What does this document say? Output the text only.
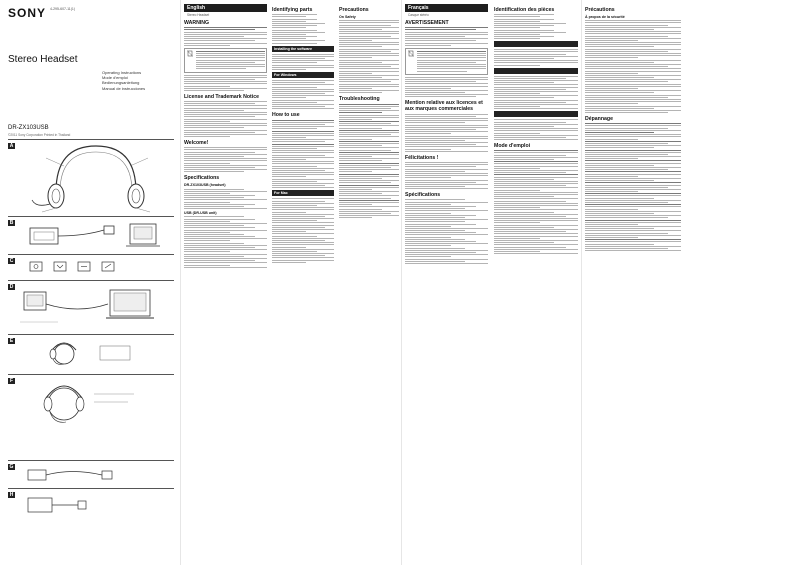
SONY 4-295-607-11(1)
Stereo Headset
Operating Instructions
Mode d'emploi
Bedienungsanleitung
Manual de instrucciones
DR-ZX103USB
©2011 Sony Corporation Printed in Thailand
A
B
C
D
E
F
G
H
English
Stereo Headset
WARNING
License and Trademark Notice
Welcome!
Specifications
DR-ZX103USB (headset)
USB (DR-USB unit)
Identifying parts
Installing the software
For Windows
How to use
For Mac
Precautions
On Safety
Troubleshooting
Français
Casque stéréo
AVERTISSEMENT
Mention relative aux licences et aux marques commerciales
Félicitations !
Spécifications
Identification des pièces

Mode d'emploi
Précautions
À propos de la sécurité
Dépannage
